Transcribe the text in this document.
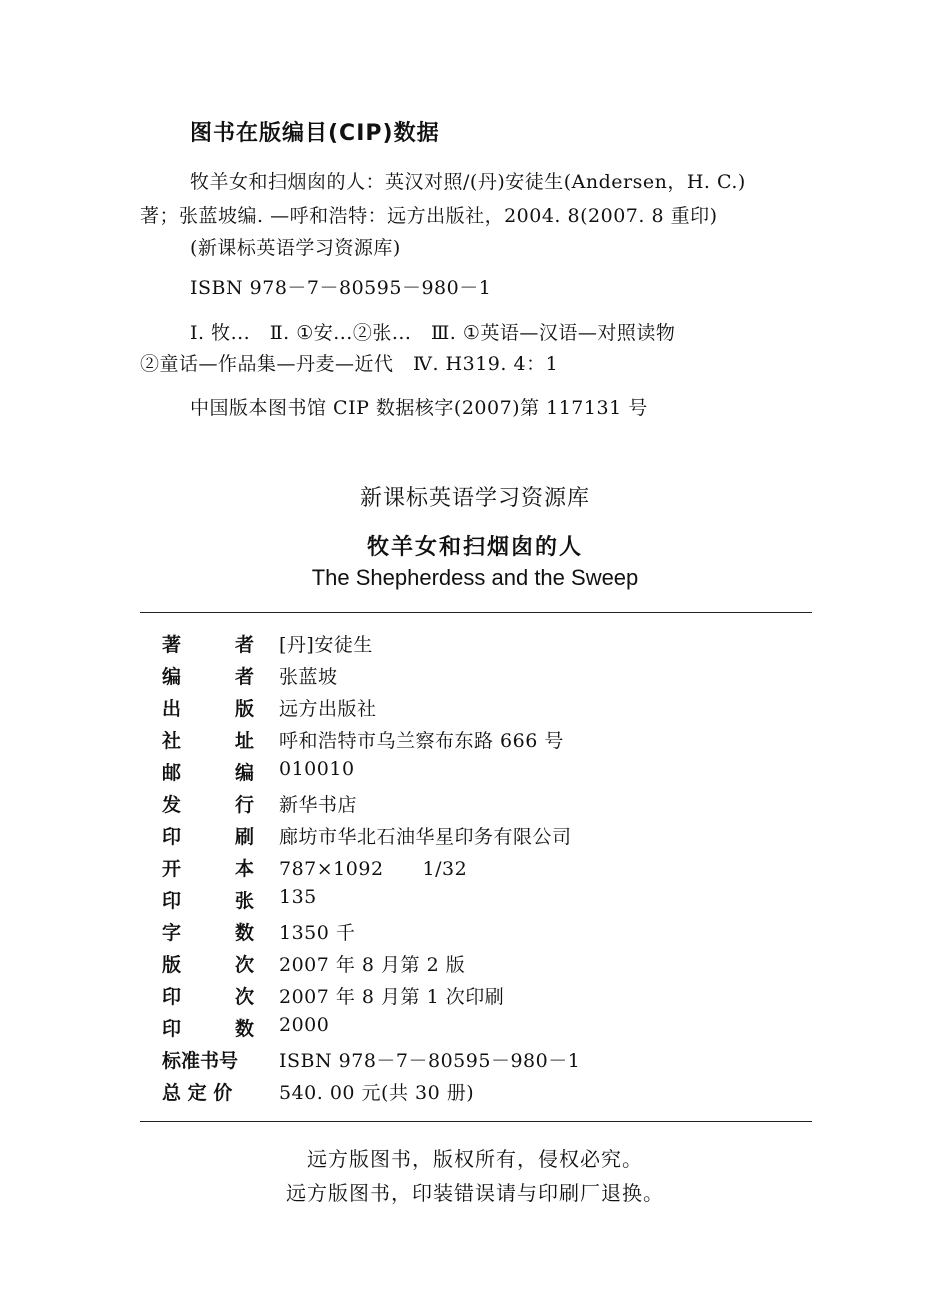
图书在版编目(CIP)数据
牧羊女和扫烟囱的人：英汉对照/(丹)安徒生(Andersen，H. C.)
著；张蓝坡编. —呼和浩特：远方出版社，2004. 8(2007. 8 重印)
(新课标英语学习资源库)
ISBN 978－7－80595－980－1
Ⅰ. 牧...　Ⅱ. ①安...②张...　Ⅲ. ①英语—汉语—对照读物
②童话—作品集—丹麦—近代　Ⅳ. H319. 4：1
中国版本图书馆 CIP 数据核字(2007)第 117131 号
新课标英语学习资源库
牧羊女和扫烟囱的人
The Shepherdess and the Sweep
著	者 [丹]安徒生
编	者 张蓝坡
出	版 远方出版社
社	址 呼和浩特市乌兰察布东路 666 号
邮	编 010010
发	行 新华书店
印	刷 廊坊市华北石油华星印务有限公司
开	本 787×1092　　1/32
印	张 135
字	数 1350 千
版	次 2007 年 8 月第 2 版
印	次 2007 年 8 月第 1 次印刷
印	数 2000
标准书号 ISBN 978－7－80595－980－1
总 定 价 540. 00 元(共 30 册)
远方版图书，版权所有，侵权必究。
远方版图书，印装错误请与印刷厂退换。
